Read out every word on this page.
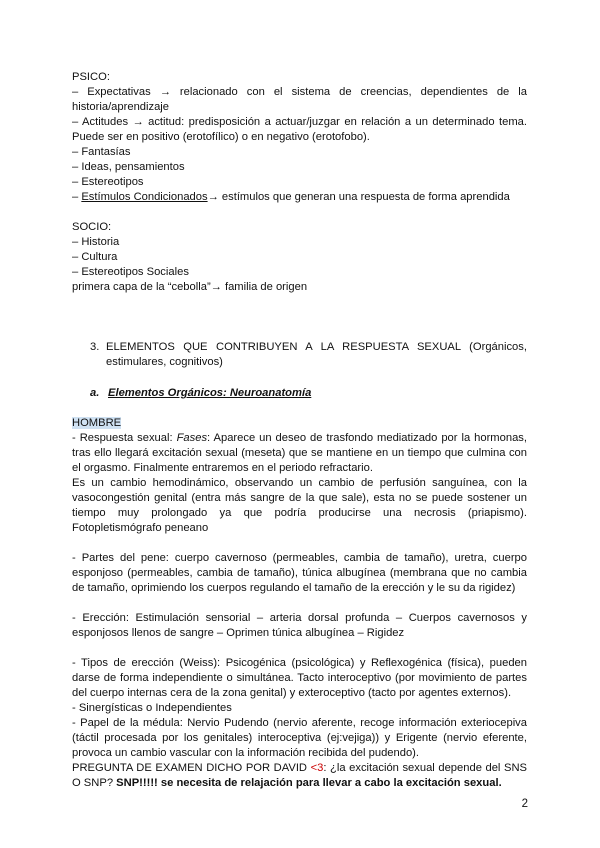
PSICO:

– Expectativas → relacionado con el sistema de creencias, dependientes de la historia/aprendizaje

– Actitudes → actitud: predisposición a actuar/juzgar en relación a un determinado tema. Puede ser en positivo (erotofílico) o en negativo (erotofobo).

– Fantasías

– Ideas, pensamientos

– Estereotipos

– Estímulos Condicionados→ estímulos que generan una respuesta de forma aprendida

SOCIO:

– Historia

– Cultura

– Estereotipos Sociales

primera capa de la “cebolla”→ familia de origen

3. ELEMENTOS QUE CONTRIBUYEN A LA RESPUESTA SEXUAL (Orgánicos, estimulares, cognitivos)

a. Elementos Orgánicos: Neuroanatomía

HOMBRE

- Respuesta sexual: Fases: Aparece un deseo de trasfondo mediatizado por la hormonas, tras ello llegará excitación sexual (meseta) que se mantiene en un tiempo que culmina con el orgasmo. Finalmente entraremos en el periodo refractario.

Es un cambio hemodinámico, observando un cambio de perfusión sanguínea, con la vasocongestión genital (entra más sangre de la que sale), esta no se puede sostener un tiempo muy prolongado ya que podría producirse una necrosis (priapismo). Fotopletismógrafo peneano

- Partes del pene: cuerpo cavernoso (permeables, cambia de tamaño), uretra, cuerpo esponjoso (permeables, cambia de tamaño), túnica albugínea (membrana que no cambia de tamaño, oprimiendo los cuerpos regulando el tamaño de la erección y le su da rigidez)

- Erección: Estimulación sensorial – arteria dorsal profunda – Cuerpos cavernosos y esponjosos llenos de sangre – Oprimen túnica albugínea – Rigidez

- Tipos de erección (Weiss): Psicogénica (psicológica) y Reflexogénica (física), pueden darse de forma independiente o simultánea. Tacto interoceptivo (por movimiento de partes del cuerpo internas cera de la zona genital) y exteroceptivo (tacto por agentes externos).

- Sinergísticas o Independientes

- Papel de la médula: Nervio Pudendo (nervio aferente, recoge información exteriocepiva (táctil procesada por los genitales) interoceptiva (ej:vejiga)) y Erigente (nervio eferente, provoca un cambio vascular con la información recibida del pudendo).

PREGUNTA DE EXAMEN DICHO POR DAVID <3: ¿la excitación sexual depende del SNS O SNP? SNP!!!!! se necesita de relajación para llevar a cabo la excitación sexual.

2
